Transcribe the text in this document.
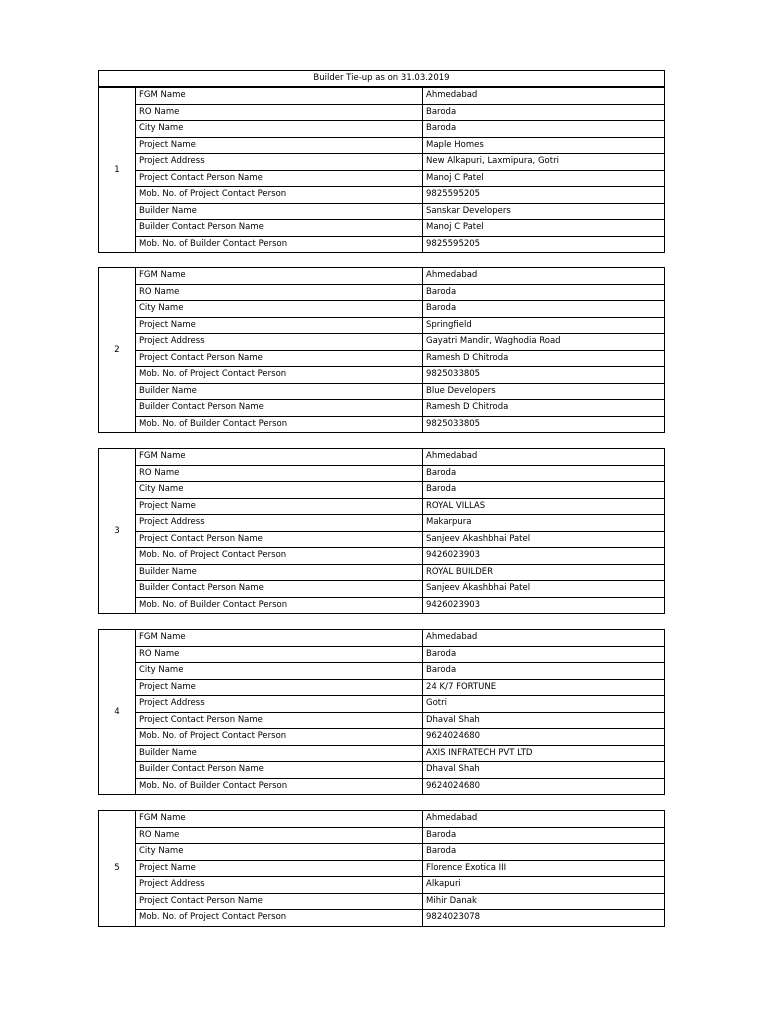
Builder Tie-up as on 31.03.2019
1	FGM Name	Ahmedabad
	RO Name	Baroda
	City Name	Baroda
	Project Name	Maple Homes
	Project Address	New Alkapuri, Laxmipura, Gotri
	Project Contact Person Name	Manoj C Patel
	Mob. No. of Project Contact Person	9825595205
	Builder Name	Sanskar Developers
	Builder Contact Person Name	Manoj C Patel
	Mob. No. of Builder Contact Person	9825595205
2	FGM Name	Ahmedabad
	RO Name	Baroda
	City Name	Baroda
	Project Name	Springfield
	Project Address	Gayatri Mandir, Waghodia Road
	Project Contact Person Name	Ramesh D Chitroda
	Mob. No. of Project Contact Person	9825033805
	Builder Name	Blue Developers
	Builder Contact Person Name	Ramesh D Chitroda
	Mob. No. of Builder Contact Person	9825033805
3	FGM Name	Ahmedabad
	RO Name	Baroda
	City Name	Baroda
	Project Name	ROYAL VILLAS
	Project Address	Makarpura
	Project Contact Person Name	Sanjeev Akashbhai Patel
	Mob. No. of Project Contact Person	9426023903
	Builder Name	ROYAL BUILDER
	Builder Contact Person Name	Sanjeev Akashbhai Patel
	Mob. No. of Builder Contact Person	9426023903
4	FGM Name	Ahmedabad
	RO Name	Baroda
	City Name	Baroda
	Project Name	24 K/7 FORTUNE
	Project Address	Gotri
	Project Contact Person Name	Dhaval Shah
	Mob. No. of Project Contact Person	9624024680
	Builder Name	AXIS INFRATECH PVT LTD
	Builder Contact Person Name	Dhaval Shah
	Mob. No. of Builder Contact Person	9624024680
5	FGM Name	Ahmedabad
	RO Name	Baroda
	City Name	Baroda
	Project Name	Florence Exotica III
	Project Address	Alkapuri
	Project Contact Person Name	Mihir Danak
	Mob. No. of Project Contact Person	9824023078
